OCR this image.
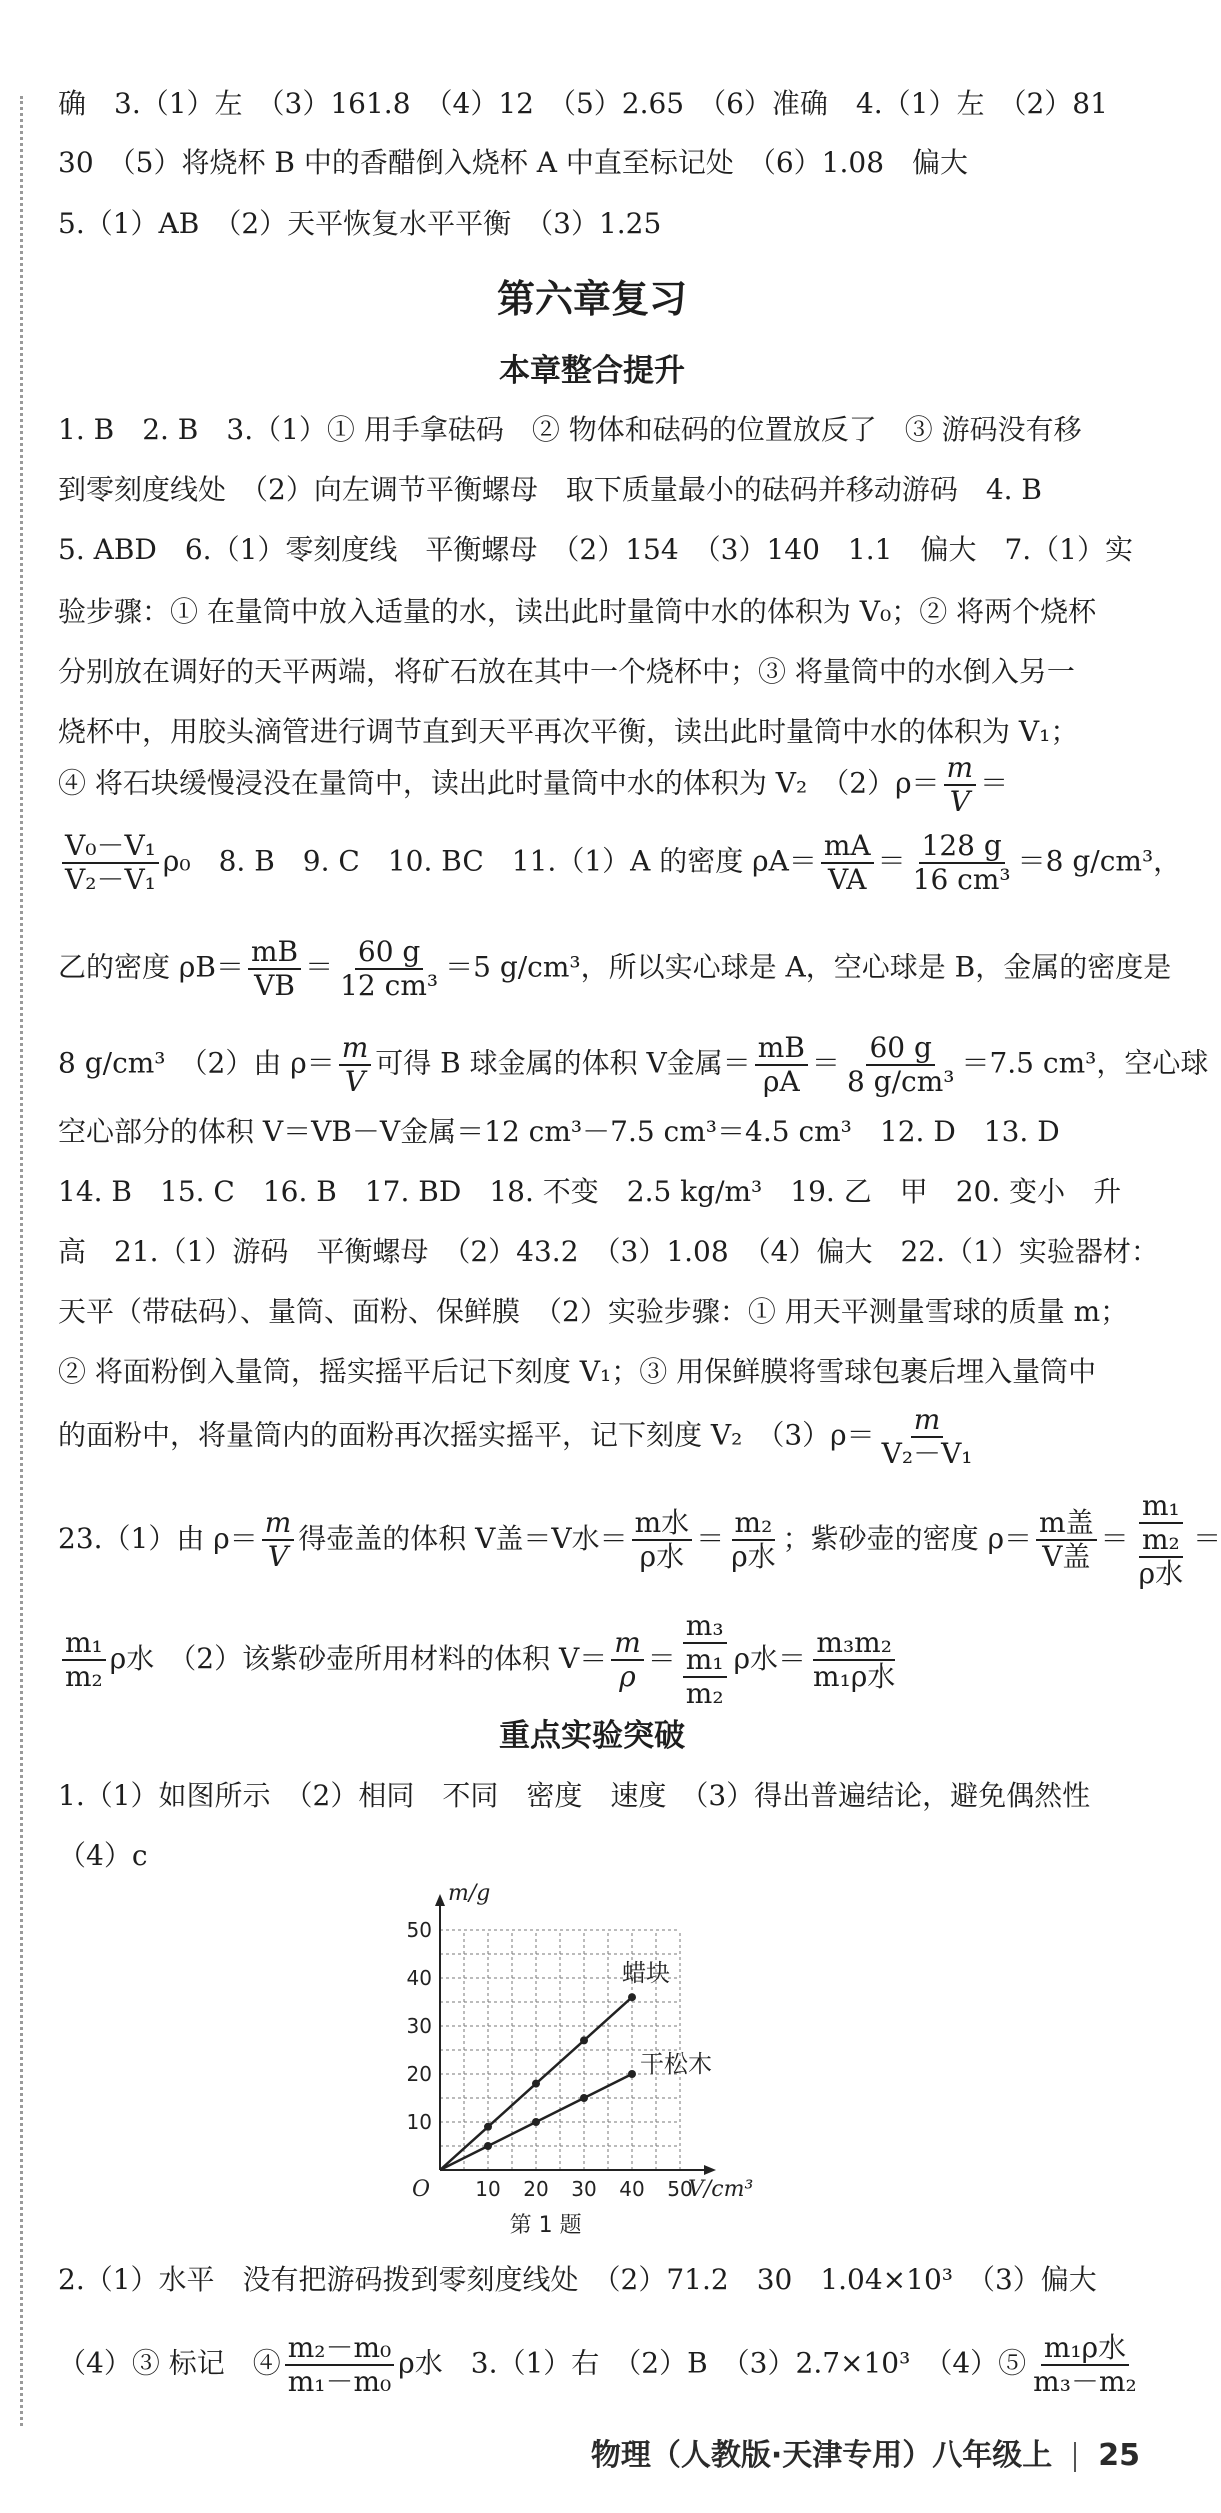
确　3.（1）左　（3）161.8　（4）12　（5）2.65　（6）准确　4.（1）左　（2）81
30　（5）将烧杯 B 中的香醋倒入烧杯 A 中直至标记处　（6）1.08　偏大
5.（1）AB　（2）天平恢复水平平衡　（3）1.25
第六章复习
本章整合提升
1. B　2. B　3.（1）① 用手拿砝码　② 物体和砝码的位置放反了　③ 游码没有移
到零刻度线处　（2）向左调节平衡螺母　取下质量最小的砝码并移动游码　4. B
5. ABD　6.（1）零刻度线　平衡螺母　（2）154　（3）140　1.1　偏大　7.（1）实
验步骤：① 在量筒中放入适量的水，读出此时量筒中水的体积为 V₀；② 将两个烧杯
分别放在调好的天平两端，将矿石放在其中一个烧杯中；③ 将量筒中的水倒入另一
烧杯中，用胶头滴管进行调节直到天平再次平衡，读出此时量筒中水的体积为 V₁；
④ 将石块缓慢浸没在量筒中，读出此时量筒中水的体积为 V₂　$(2)\rho= \frac{m}{V}$ ＝
$\frac{\text{V₀－V₁}}{\text{V₂－V₁}} \rho_0$　 8. B　9. C　10. BC　11.（1）A 的密度 $\rho A= \frac{mA}{VA} = \frac{128 g}{\text{16 cm³}} =8$ g/cm³，
乙的密度 $\rho B= \frac{mB}{VB} = \frac{60 g}{\text{12 cm³}} =5$ g/cm³，所以实心球是 A，空心球是 B，金属的密度是
8 g/cm³　（2）由 $\rho= \frac{m}{V}$ 可得 B 球金属的体积 V金属＝ $\frac{mB}{\rho A} = \frac{60 g}{\text{8 g/cm³}} =7.5$ cm³，空心球
空心部分的体积 V＝VB－V金属＝12 cm³－7.5 cm³＝4.5 cm³　12. D　13. D
14. B　15. C　16. B　17. BD　18. 不变　2.5 kg/m³　19. 乙　甲　20. 变小　升
高　21.（1）游码　平衡螺母　（2）43.2　（3）1.08　（4）偏大　22.（1）实验器材：
天平（带砝码）、量筒、面粉、保鲜膜　（2）实验步骤：① 用天平测量雪球的质量 m；
② 将面粉倒入量筒，摇实摇平后记下刻度 V₁；③ 用保鲜膜将雪球包裹后埋入量筒中
的面粉中，将量筒内的面粉再次摇实摇平，记下刻度 V₂　$(3)\rho= \frac{m}{\text{V₂－V₁}}$
23.（1）由 $\rho= \frac{m}{V}$ 得壶盖的体积 V盖＝V水＝ m水
ρ水
＝ m₂
ρ水
；紫砂壶的密度 ρ＝ m盖
V盖
＝
m₁
m₂
ρ水
＝
$\frac{\text{m₁}}{\text{m₂}}$ ρ水　 （2）该紫砂壶所用材料的体积 $V= \frac{m}{\rho} = m_3$
m₁
m₂ ρ水＝ m₃m₂
m₁ρ水
重点实验突破
1.（1）如图所示　（2）相同　不同　密度　速度　（3）得出普遍结论，避免偶然性
（4）c
10 20 30 40 50
10
20
30
40
50
O
m/g
V/cm³
蜡块
干松木
第 1 题
2.（1）水平　没有把游码拨到零刻度线处　（2）71.2　30　1.04×10³　（3）偏大
（4）③ 标记　④ $\frac{\text{m₂－m₀}}{\text{m₁－m₀}}$ ρ水　 3.（1）右　（2）B　（3）2.7×10³　（4）⑤ m₁ρ水
m₃－m₂
物理（人教版·天津专用）八年级上 25
